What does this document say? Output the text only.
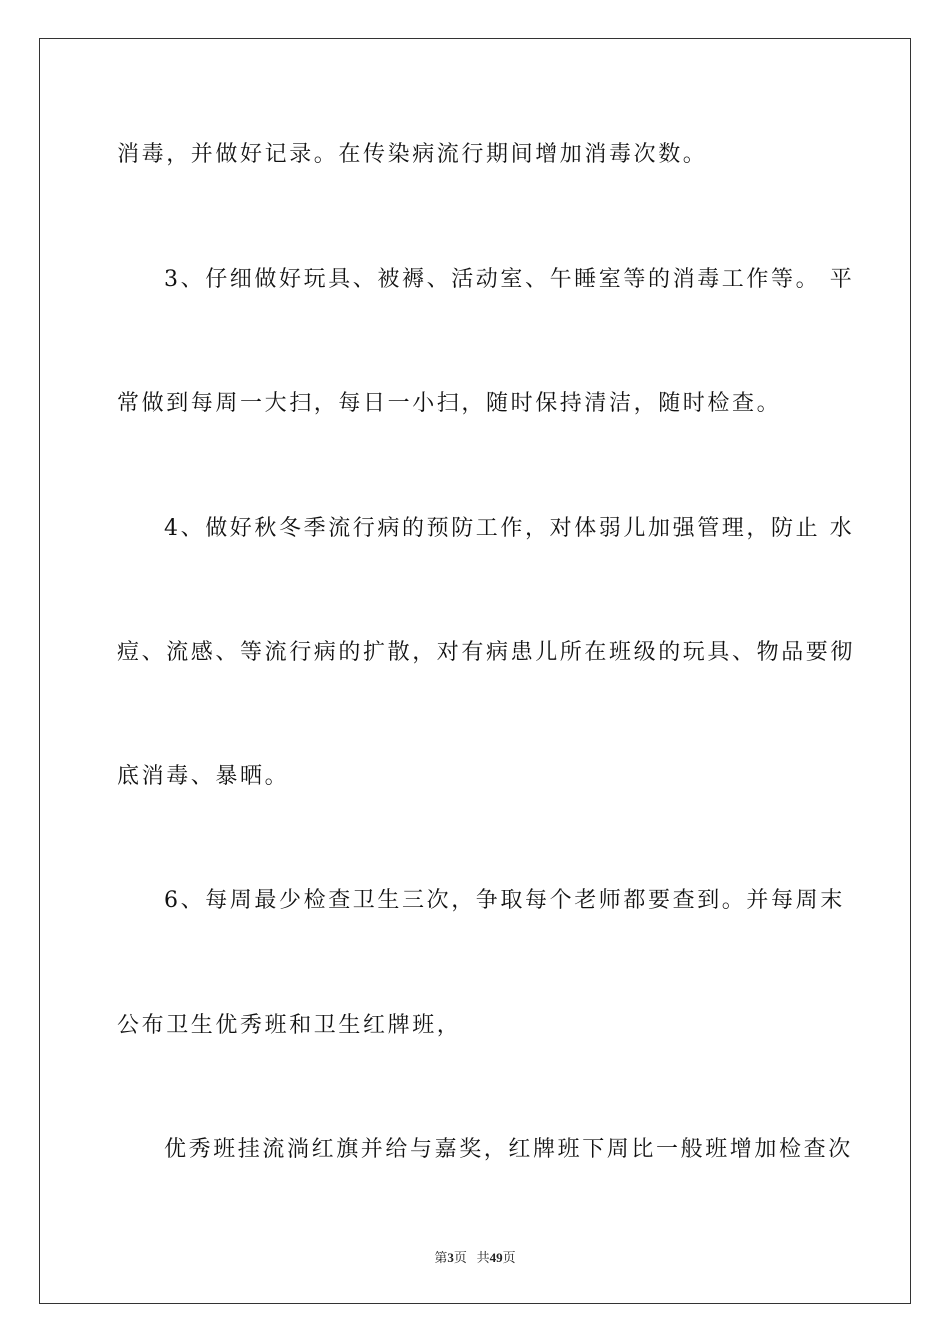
消毒，并做好记录。在传染病流行期间增加消毒次数。
3、仔细做好玩具、被褥、活动室、午睡室等的消毒工作等。 平
常做到每周一大扫，每日一小扫，随时保持清洁，随时检查。
4、做好秋冬季流行病的预防工作，对体弱儿加强管理，防止 水
痘、流感、等流行病的扩散，对有病患儿所在班级的玩具、物品要彻
底消毒、暴晒。
6、每周最少检查卫生三次，争取每个老师都要查到。并每周末
公布卫生优秀班和卫生红牌班，
优秀班挂流淌红旗并给与嘉奖，红牌班下周比一般班增加检查次
第3页 共49页
